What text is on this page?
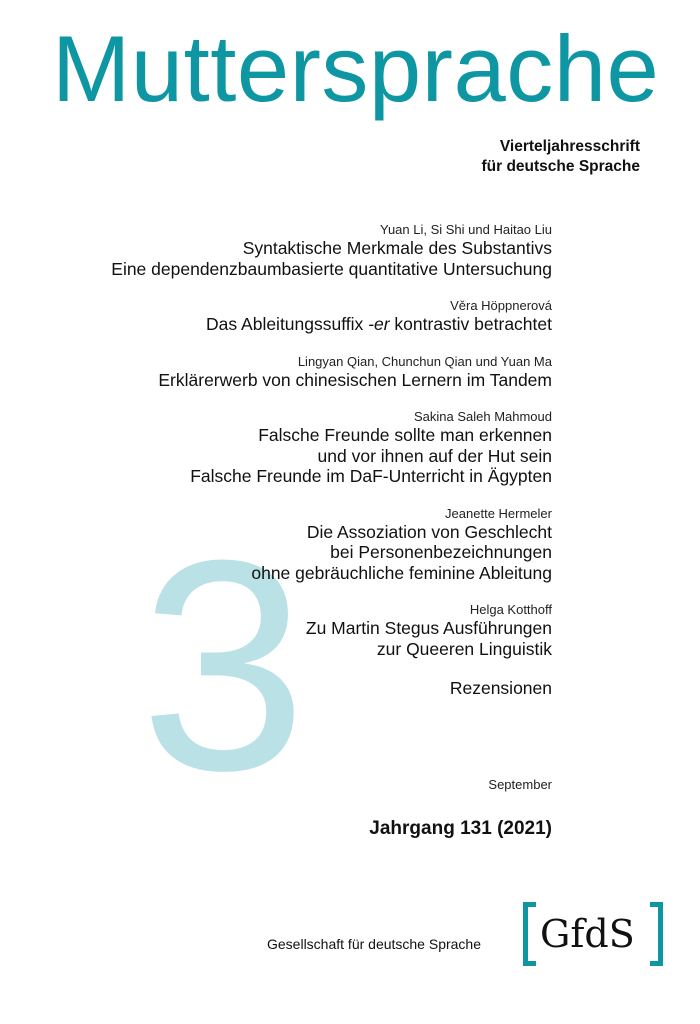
Muttersprache
Vierteljahresschrift
für deutsche Sprache
3
Yuan Li, Si Shi und Haitao Liu
Syntaktische Merkmale des Substantivs
Eine dependenzbaumbasierte quantitative Untersuchung
Věra Höppnerová
Das Ableitungssuffix -er kontrastiv betrachtet
Lingyan Qian, Chunchun Qian und Yuan Ma
Erklärerwerb von chinesischen Lernern im Tandem
Sakina Saleh Mahmoud
Falsche Freunde sollte man erkennen
und vor ihnen auf der Hut sein
Falsche Freunde im DaF-Unterricht in Ägypten
Jeanette Hermeler
Die Assoziation von Geschlecht
bei Personenbezeichnungen
ohne gebräuchliche feminine Ableitung
Helga Kotthoff
Zu Martin Stegus Ausführungen
zur Queeren Linguistik
Rezensionen
September
Jahrgang 131 (2021)
Gesellschaft für deutsche Sprache GfdS
